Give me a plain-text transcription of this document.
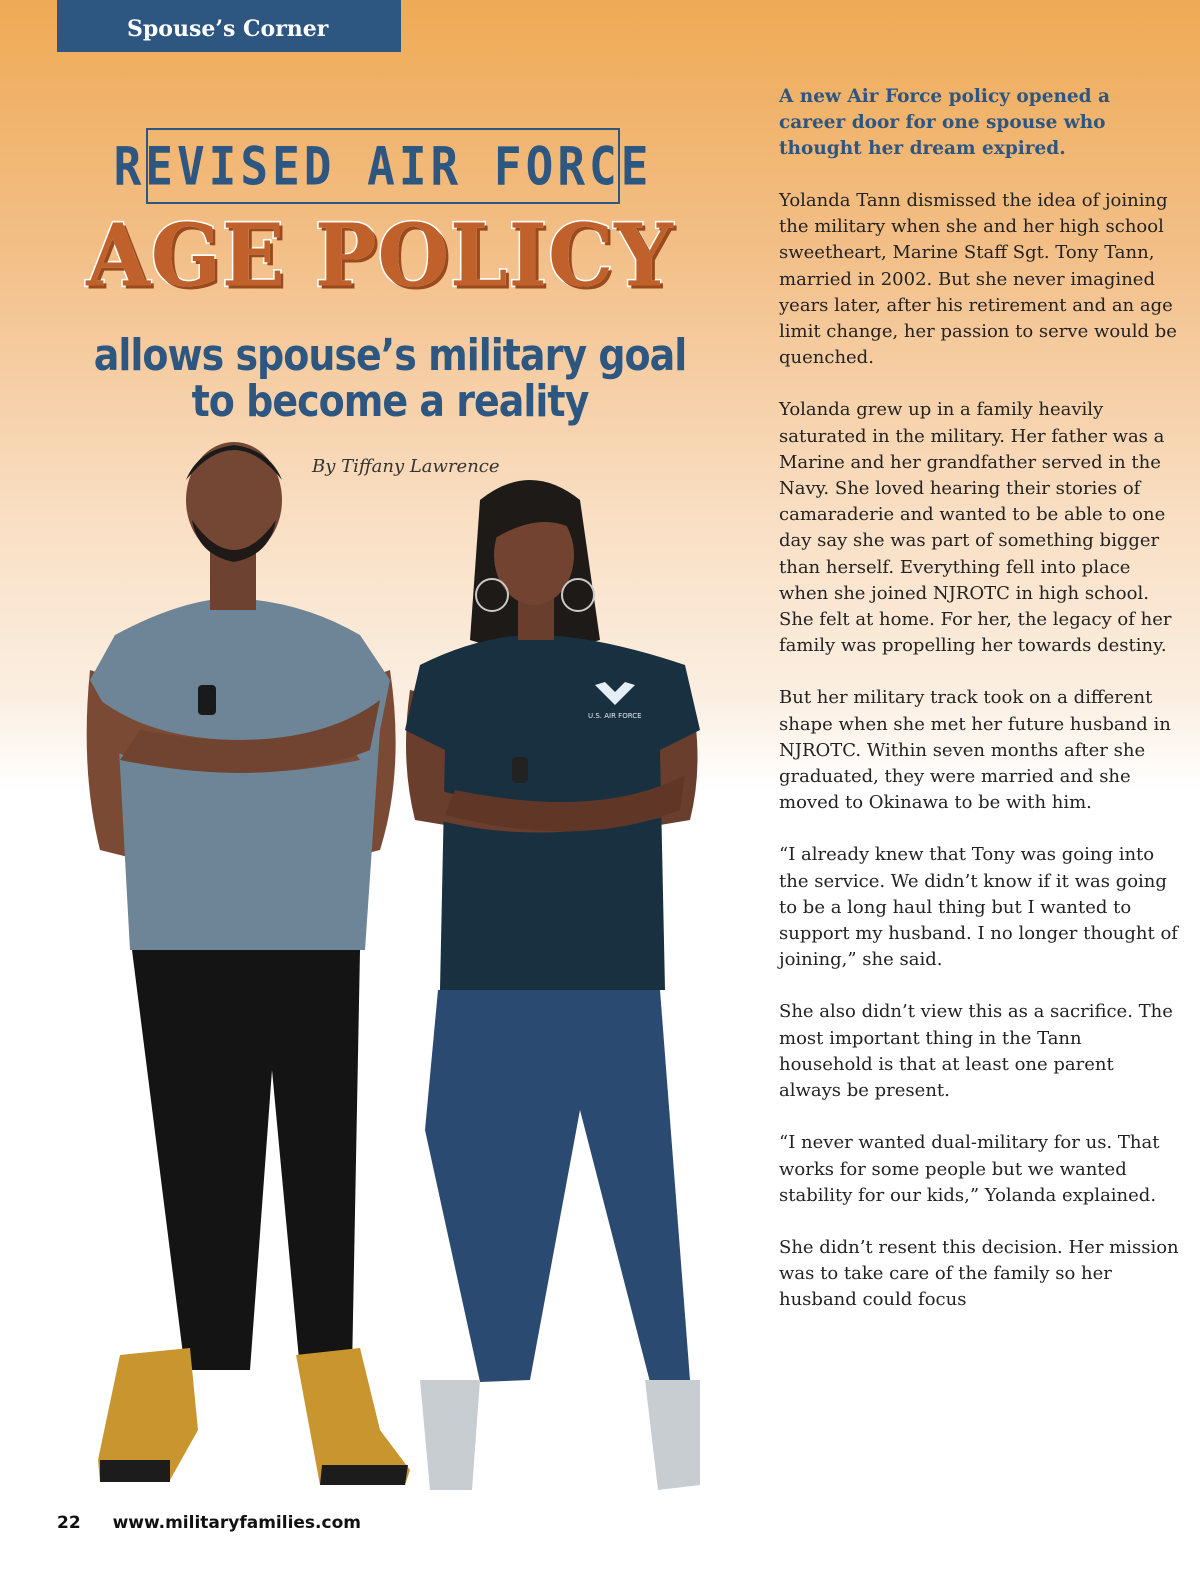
Spouse’s Corner
REVISED AIR FORCE
AGE POLICY
allows spouse’s military goal
to become a reality
U.S. AIR FORCE
By Tiffany Lawrence
A new Air Force policy opened a career door for one spouse who thought her dream expired.

Yolanda Tann dismissed the idea of joining the military when she and her high school sweetheart, Marine Staff Sgt. Tony Tann, married in 2002. But she never imagined years later, after his retirement and an age limit change, her passion to serve would be quenched.

Yolanda grew up in a family heavily saturated in the military. Her father was a Marine and her grandfather served in the Navy. She loved hearing their stories of camaraderie and wanted to be able to one day say she was part of something bigger than herself. Everything fell into place when she joined NJROTC in high school. She felt at home. For her, the legacy of her family was propelling her towards destiny.

But her military track took on a different shape when she met her future husband in NJROTC. Within seven months after she graduated, they were married and she moved to Okinawa to be with him.

“I already knew that Tony was going into the service. We didn’t know if it was going to be a long haul thing but I wanted to support my husband. I no longer thought of joining,” she said.

She also didn’t view this as a sacrifice. The most important thing in the Tann household is that at least one parent always be present.

“I never wanted dual-military for us. That works for some people but we wanted stability for our kids,” Yolanda explained.

She didn’t resent this decision. Her mission was to take care of the family so her husband could focus

22 www.militaryfamilies.com
